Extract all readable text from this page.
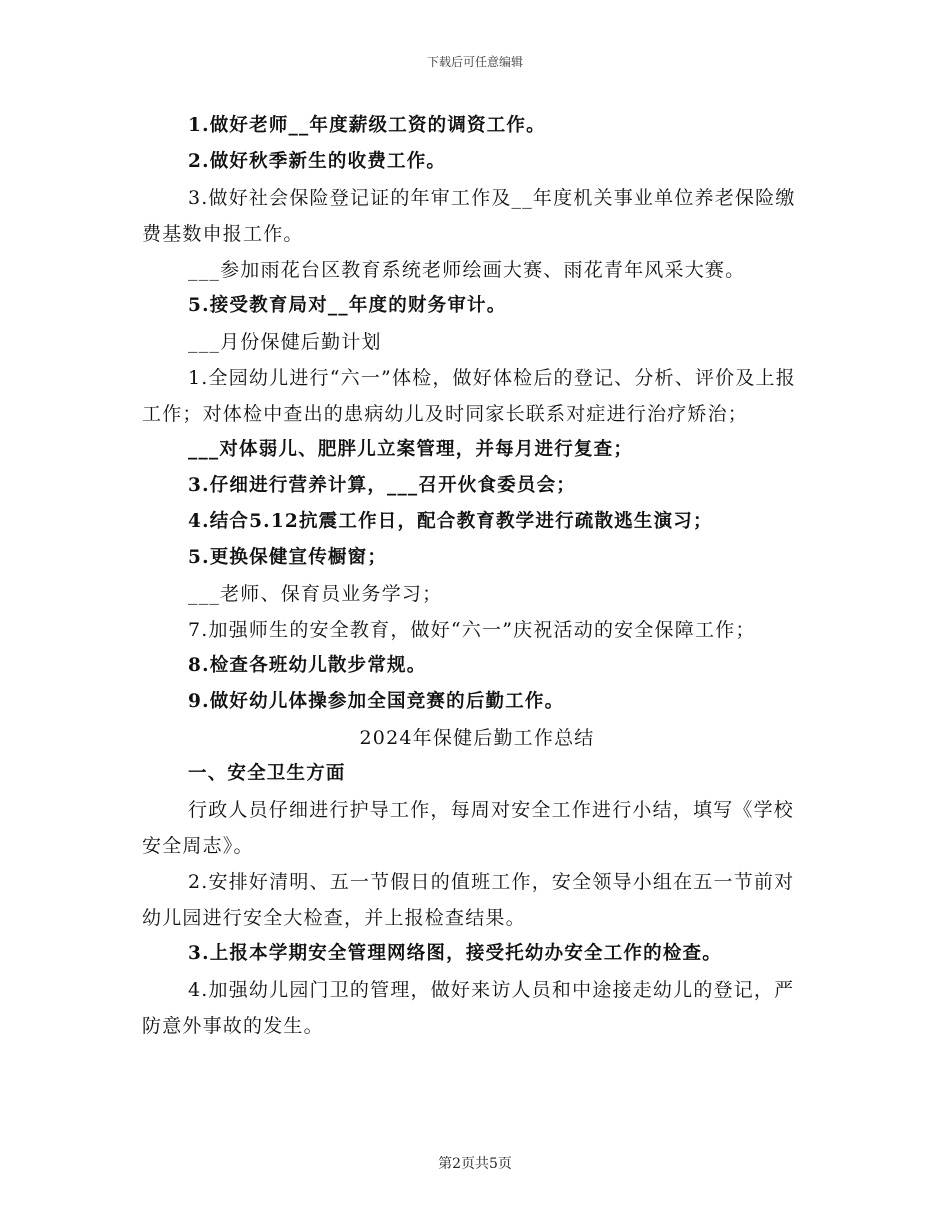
下载后可任意编辑

1.做好老师__年度薪级工资的调资工作。

2.做好秋季新生的收费工作。

3.做好社会保险登记证的年审工作及__年度机关事业单位养老保险缴费基数申报工作。

___参加雨花台区教育系统老师绘画大赛、雨花青年风采大赛。

5.接受教育局对__年度的财务审计。

___月份保健后勤计划

1.全园幼儿进行“六一”体检，做好体检后的登记、分析、评价及上报工作；对体检中查出的患病幼儿及时同家长联系对症进行治疗矫治；

___对体弱儿、肥胖儿立案管理，并每月进行复查；

3.仔细进行营养计算，___召开伙食委员会；

4.结合5.12抗震工作日，配合教育教学进行疏散逃生演习；

5.更换保健宣传橱窗；

___老师、保育员业务学习；

7.加强师生的安全教育，做好“六一”庆祝活动的安全保障工作；

8.检查各班幼儿散步常规。

9.做好幼儿体操参加全国竞赛的后勤工作。

2024年保健后勤工作总结

一、安全卫生方面

行政人员仔细进行护导工作，每周对安全工作进行小结，填写《学校安全周志》。

2.安排好清明、五一节假日的值班工作，安全领导小组在五一节前对幼儿园进行安全大检查，并上报检查结果。

3.上报本学期安全管理网络图，接受托幼办安全工作的检查。

4.加强幼儿园门卫的管理，做好来访人员和中途接走幼儿的登记，严防意外事故的发生。

第2页共5页
